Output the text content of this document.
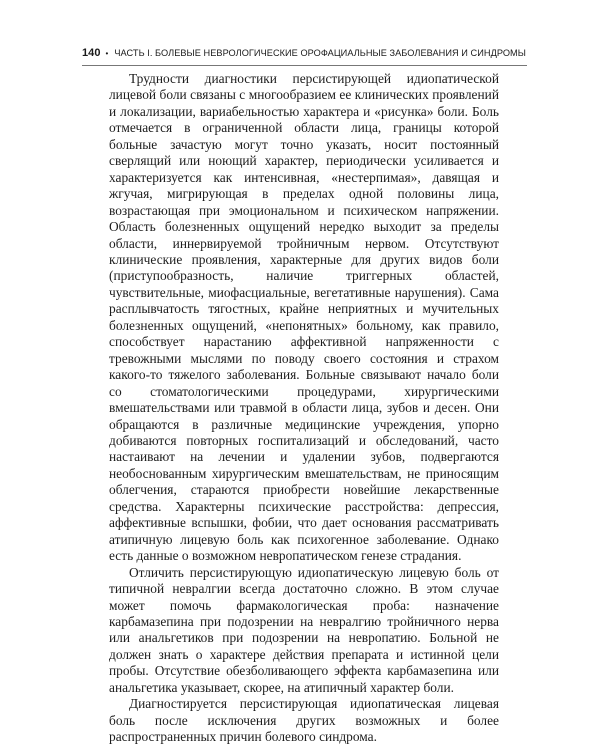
140 • ЧАСТЬ I. БОЛЕВЫЕ НЕВРОЛОГИЧЕСКИЕ ОРОФАЦИАЛЬНЫЕ ЗАБОЛЕВАНИЯ И СИНДРОМЫ

Трудности диагностики персистирующей идиопатической лицевой боли связаны с многообразием ее клинических проявлений и локализации, вариабельностью характера и «рисунка» боли. Боль отмечается в ограниченной области лица, границы которой больные зачастую могут точно указать, носит постоянный сверлящий или ноющий характер, периодически усиливается и характеризуется как интенсивная, «нестерпимая», давящая и жгучая, мигрирующая в пределах одной половины лица, возрастающая при эмоциональном и психическом напряжении. Область болезненных ощущений нередко выходит за пределы области, иннервируемой тройничным нервом. Отсутствуют клинические проявления, характерные для других видов боли (приступообразность, наличие триггерных областей, чувствительные, миофасциальные, вегетативные нарушения). Сама расплывчатость тягостных, крайне неприятных и мучительных болезненных ощущений, «непонятных» больному, как правило, способствует нарастанию аффективной напряженности с тревожными мыслями по поводу своего состояния и страхом какого-то тяжелого заболевания. Больные связывают начало боли со стоматологическими процедурами, хирургическими вмешательствами или травмой в области лица, зубов и десен. Они обращаются в различные медицинские учреждения, упорно добиваются повторных госпитализаций и обследований, часто настаивают на лечении и удалении зубов, подвергаются необоснованным хирургическим вмешательствам, не приносящим облегчения, стараются приобрести новейшие лекарственные средства. Характерны психические расстройства: депрессия, аффективные вспышки, фобии, что дает основания рассматривать атипичную лицевую боль как психогенное заболевание. Однако есть данные о возможном невропатическом генезе страдания.

Отличить персистирующую идиопатическую лицевую боль от типичной невралгии всегда достаточно сложно. В этом случае может помочь фармакологическая проба: назначение карбамазепина при подозрении на невралгию тройничного нерва или анальгетиков при подозрении на невропатию. Больной не должен знать о характере действия препарата и истинной цели пробы. Отсутствие обезболивающего эффекта карбамазепина или анальгетика указывает, скорее, на атипичный характер боли.

Диагностируется персистирующая идиопатическая лицевая боль после исключения других возможных и более распространенных причин болевого синдрома.
